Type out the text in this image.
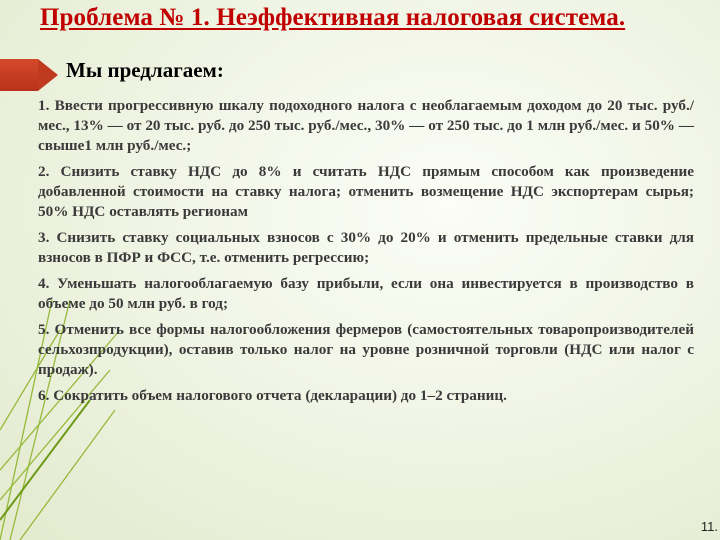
Проблема № 1. Неэффективная налоговая система.
Мы предлагаем:
1. Ввести прогрессивную шкалу подоходного налога с необлагаемым доходом до 20 тыс. руб./мес., 13% — от 20 тыс. руб. до 250 тыс. руб./мес., 30% — от 250 тыс. до 1 млн руб./мес. и 50% — свыше1 млн руб./мес.;
2. Снизить ставку НДС до 8% и считать НДС прямым способом как произведение добавленной стоимости на ставку налога; отменить возмещение НДС экспортерам сырья; 50% НДС оставлять регионам
3. Снизить ставку социальных взносов с 30% до 20% и отменить предельные ставки для взносов в ПФР и ФСС, т.е. отменить регрессию;
4. Уменьшать налогооблагаемую базу прибыли, если она инвестируется в производство в объеме до 50 млн руб. в год;
5. Отменить все формы налогообложения фермеров (самостоятельных товаропроизводителей сельхозпродукции), оставив только налог на уровне розничной торговли (НДС или налог с продаж).
6. Сократить объем налогового отчета (декларации) до 1–2 страниц.
11.
